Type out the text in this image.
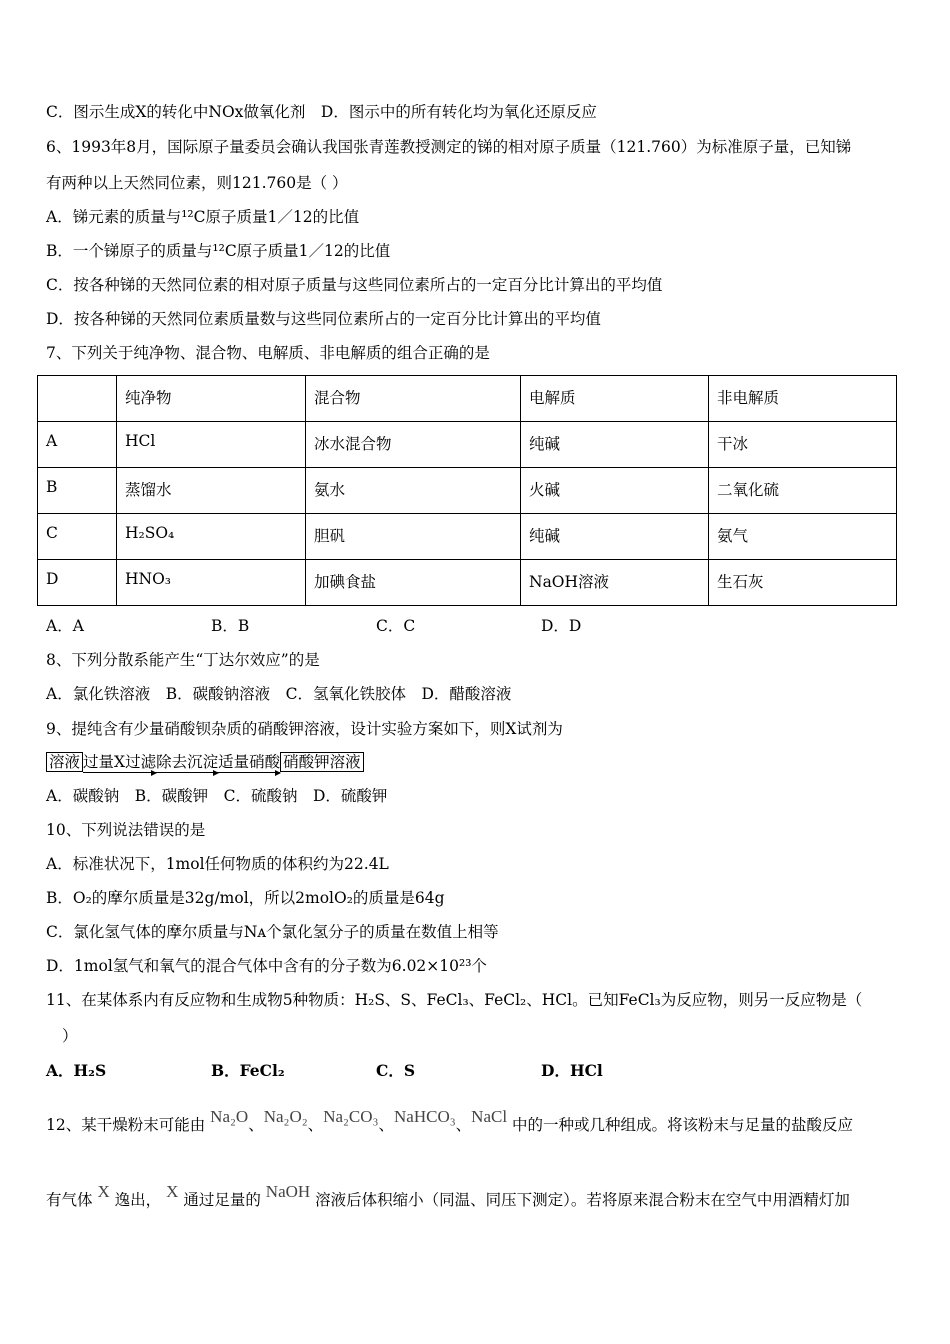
C．图示生成X的转化中NOx做氧化剂　D．图示中的所有转化均为氧化还原反应
6、1993年8月，国际原子量委员会确认我国张青莲教授测定的锑的相对原子质量（121.760）为标准原子量，已知锑
有两种以上天然同位素，则121.760是（ ）
A．锑元素的质量与¹²C原子质量1／12的比值
B．一个锑原子的质量与¹²C原子质量1／12的比值
C．按各种锑的天然同位素的相对原子质量与这些同位素所占的一定百分比计算出的平均值
D．按各种锑的天然同位素质量数与这些同位素所占的一定百分比计算出的平均值
7、下列关于纯净物、混合物、电解质、非电解质的组合正确的是
	纯净物	混合物	电解质	非电解质
A	HCl	冰水混合物	纯碱	干冰
B	蒸馏水	氨水	火碱	二氧化硫
C	H₂SO₄	胆矾	纯碱	氨气
D	HNO₃	加碘食盐	NaOH溶液	生石灰
A．A	B．B	C．C	D．D
8、下列分散系能产生“丁达尔效应”的是
A．氯化铁溶液　B．碳酸钠溶液　C．氢氧化铁胶体　D．醋酸溶液
9、提纯含有少量硝酸钡杂质的硝酸钾溶液，设计实验方案如下，则X试剂为
溶液 过量X过滤除去沉淀适量硝酸 硝酸钾溶液
A．碳酸钠　B．碳酸钾　C．硫酸钠　D．硫酸钾
10、下列说法错误的是
A．标准状况下，1mol任何物质的体积约为22.4L
B．O₂的摩尔质量是32g/mol，所以2molO₂的质量是64g
C．氯化氢气体的摩尔质量与Nᴀ个氯化氢分子的质量在数值上相等
D．1mol氢气和氧气的混合气体中含有的分子数为6.02×10²³个
11、在某体系内有反应物和生成物5种物质：H₂S、S、FeCl₃、FeCl₂、HCl。已知FeCl₃为反应物，则另一反应物是（
）
A．H₂S	B．FeCl₂	C．S	D．HCl
12、某干燥粉末可能由 Na₂O、Na₂O₂、Na₂CO₃、NaHCO₃、NaCl 中的一种或几种组成。将该粉末与足量的盐酸反应
有气体 X 逸出， X 通过足量的 NaOH 溶液后体积缩小（同温、同压下测定）。若将原来混合粉末在空气中用酒精灯加
